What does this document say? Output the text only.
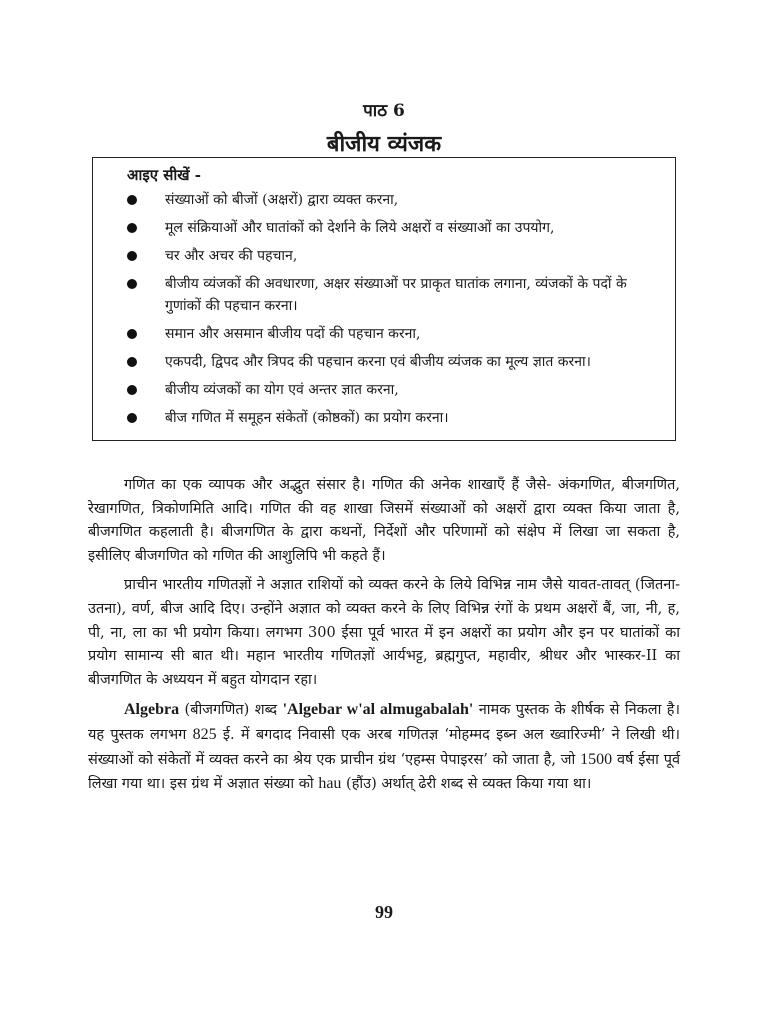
पाठ 6
बीजीय व्यंजक
आइए सीखें -
संख्याओं को बीजों (अक्षरों) द्वारा व्यक्त करना,
मूल संक्रियाओं और घातांकों को देर्शाने के लिये अक्षरों व संख्याओं का उपयोग,
चर और अचर की पहचान,
बीजीय व्यंजकों की अवधारणा, अक्षर संख्याओं पर प्राकृत घातांक लगाना, व्यंजकों के पदों के गुणांकों की पहचान करना।
समान और असमान बीजीय पदों की पहचान करना,
एकपदी, द्विपद और त्रिपद की पहचान करना एवं बीजीय व्यंजक का मूल्य ज्ञात करना।
बीजीय व्यंजकों का योग एवं अन्तर ज्ञात करना,
बीज गणित में समूहन संकेतों (कोष्ठकों) का प्रयोग करना।

गणित का एक व्यापक और अद्भुत संसार है। गणित की अनेक शाखाएँ हैं जैसे- अंकगणित, बीजगणित, रेखागणित, त्रिकोणमिति आदि। गणित की वह शाखा जिसमें संख्याओं को अक्षरों द्वारा व्यक्त किया जाता है, बीजगणित कहलाती है। बीजगणित के द्वारा कथनों, निर्देशों और परिणामों को संक्षेप में लिखा जा सकता है, इसीलिए बीजगणित को गणित की आशुलिपि भी कहते हैं।

प्राचीन भारतीय गणितज्ञों ने अज्ञात राशियों को व्यक्त करने के लिये विभिन्न नाम जैसे यावत-तावत् (जितना-उतना), वर्ण, बीज आदि दिए। उन्होंने अज्ञात को व्यक्त करने के लिए विभिन्न रंगों के प्रथम अक्षरों बैं, जा, नी, ह, पी, ना, ला का भी प्रयोग किया। लगभग 300 ईसा पूर्व भारत में इन अक्षरों का प्रयोग और इन पर घातांकों का प्रयोग सामान्य सी बात थी। महान भारतीय गणितज्ञों आर्यभट्ट, ब्रह्मगुप्त, महावीर, श्रीधर और भास्कर-II का बीजगणित के अध्ययन में बहुत योगदान रहा।

Algebra (बीजगणित) शब्द 'Algebar w'al almugabalah' नामक पुस्तक के शीर्षक से निकला है। यह पुस्तक लगभग 825 ई. में बगदाद निवासी एक अरब गणितज्ञ ‘मोहम्मद इब्न अल ख्वारिज्मी’ ने लिखी थी। संख्याओं को संकेतों में व्यक्त करने का श्रेय एक प्राचीन ग्रंथ ‘एहम्स पेपाइरस’ को जाता है, जो 1500 वर्ष ईसा पूर्व लिखा गया था। इस ग्रंथ में अज्ञात संख्या को hau (हौंउ) अर्थात् ढेरी शब्द से व्यक्त किया गया था।

99
